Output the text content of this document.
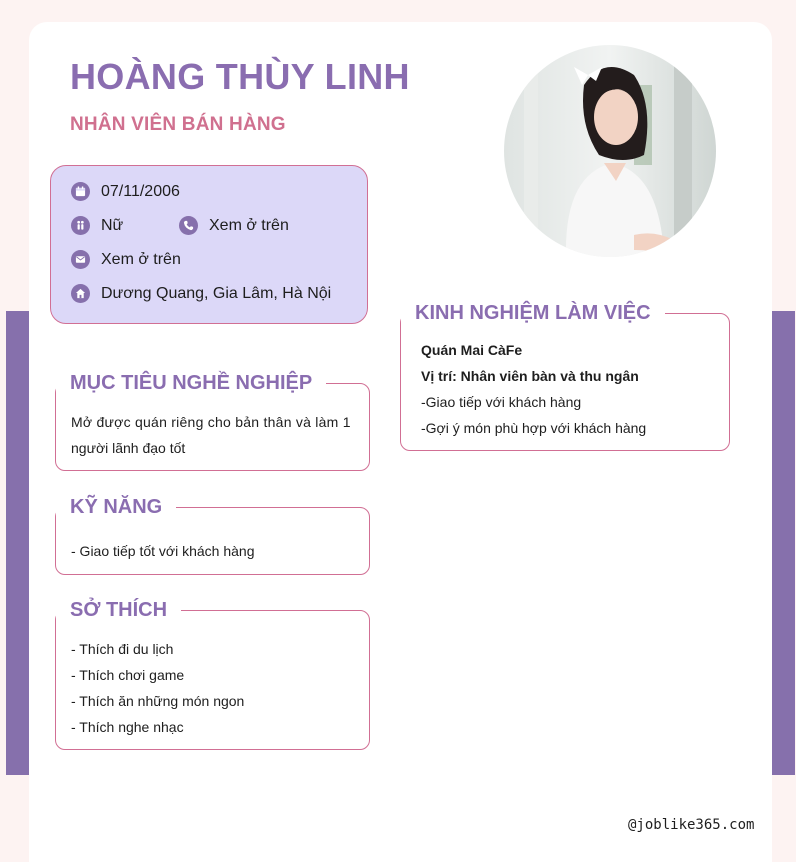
HOÀNG THÙY LINH
NHÂN VIÊN BÁN HÀNG
07/11/2006
Nữ	Xem ở trên
Xem ở trên
Dương Quang, Gia Lâm, Hà Nội
MỤC TIÊU NGHỀ NGHIỆP
Mở được quán riêng cho bản thân và làm 1
người lãnh đạo tốt
KỸ NĂNG
- Giao tiếp tốt với khách hàng
SỞ THÍCH
- Thích đi du lịch
- Thích chơi game
- Thích ăn những món ngon
- Thích nghe nhạc
KINH NGHIỆM LÀM VIỆC
Quán Mai CàFe
Vị trí: Nhân viên bàn và thu ngân
-Giao tiếp với khách hàng
-Gợi ý món phù hợp với khách hàng
@joblike365.com
